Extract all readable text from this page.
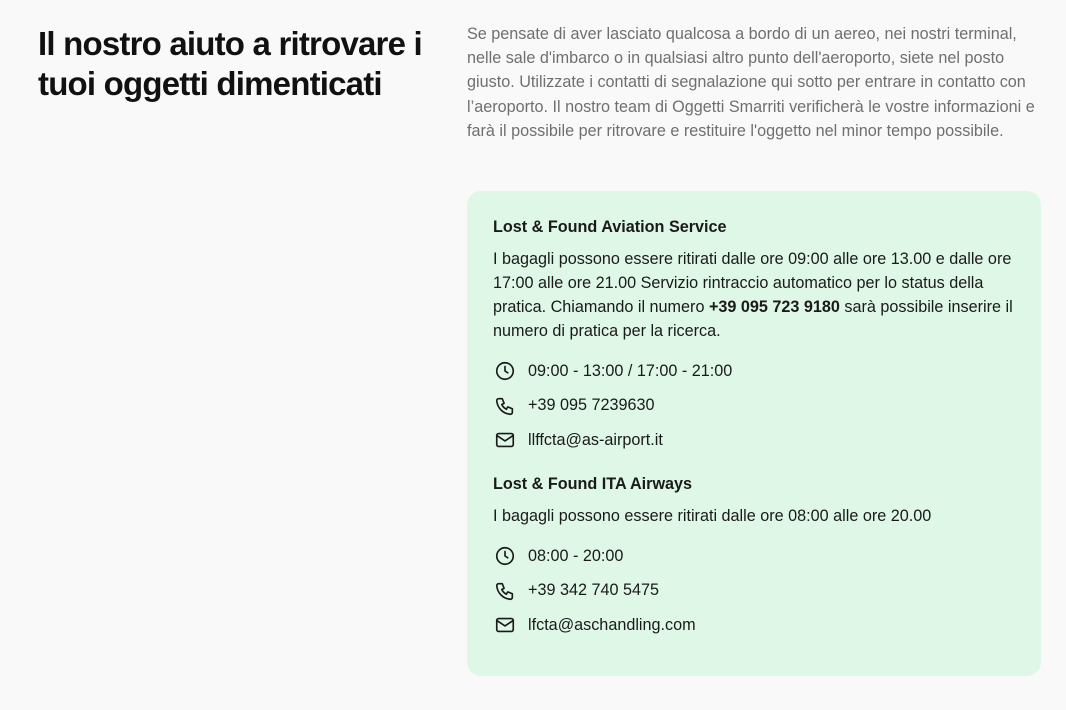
Il nostro aiuto a ritrovare i tuoi oggetti dimenticati

Se pensate di aver lasciato qualcosa a bordo di un aereo, nei nostri terminal, nelle sale d'imbarco o in qualsiasi altro punto dell'aeroporto, siete nel posto giusto. Utilizzate i contatti di segnalazione qui sotto per entrare in contatto con l’aeroporto. Il nostro team di Oggetti Smarriti verificherà le vostre informazioni e farà il possibile per ritrovare e restituire l'oggetto nel minor tempo possibile.

Lost & Found Aviation Service

I bagagli possono essere ritirati dalle ore 09:00 alle ore 13.00 e dalle ore 17:00 alle ore 21.00 Servizio rintraccio automatico per lo status della pratica. Chiamando il numero +39 095 723 9180 sarà possibile inserire il numero di pratica per la ricerca.

09:00 - 13:00 / 17:00 - 21:00
+39 095 7239630
llffcta@as-airport.it
Lost & Found ITA Airways

I bagagli possono essere ritirati dalle ore 08:00 alle ore 20.00

08:00 - 20:00
+39 342 740 5475
lfcta@aschandling.com
